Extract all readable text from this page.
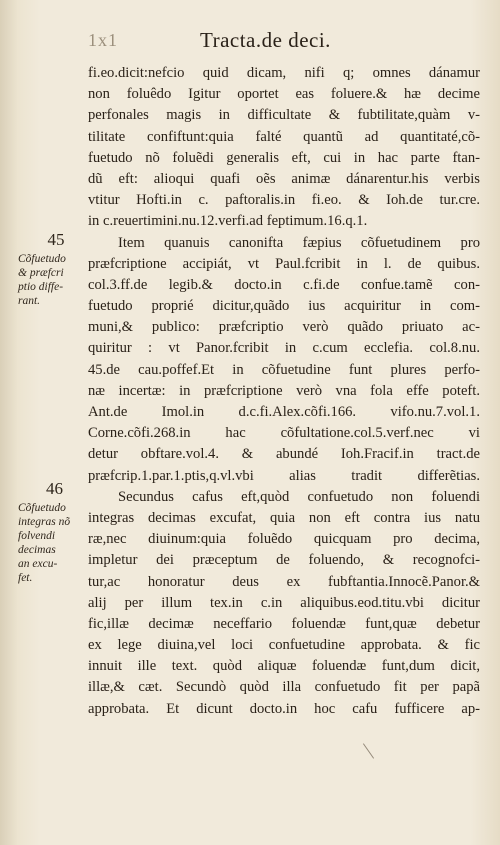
1x1	Tracta.de deci.
45
Cõfuetudo
& præfcri
ptio diffe-
rant.
46
Cõfuetudo
integras nõ
folvendi
decimas
an excu-
fet.
fi.eo.dicit:nefcio quid dicam, nifi q; omnes dánamur
non foluêdo Igitur oportet eas foluere.& hæ decime
perfonales magis in difficultate & fubtilitate,quàm v-
tilitate confiftunt:quia falté quantũ ad quantitaté,cõ-
fuetudo nõ foluẽdi generalis eft, cui in hac parte ftan-
dũ eft: alioqui quafi oẽs animæ dánarentur.his verbis
vtitur Hofti.in c. paftoralis.in fi.eo. & Ioh.de tur.cre.
in c.reuertimini.nu.12.verfi.ad feptimum.16.q.1.
Item quanuis canonifta fæpius cõfuetudinem pro
præfcriptione accipiát, vt Paul.fcribit in l. de quibus.
col.3.ff.de legib.& docto.in c.fi.de confue.tamẽ con-
fuetudo proprié dicitur,quãdo ius acquiritur in com-
muni,& publico: præfcriptio verò quãdo priuato ac-
quiritur : vt Panor.fcribit in c.cum ecclefia. col.8.nu.
45.de cau.poffef.Et in cõfuetudine funt plures perfo-
næ incertæ: in præfcriptione verò vna fola effe poteft.
Ant.de Imol.in d.c.fi.Alex.cõfi.166. vifo.nu.7.vol.1.
Corne.cõfi.268.in hac cõfultatione.col.5.verf.nec vi
detur obftare.vol.4. & abundé Ioh.Fracif.in tract.de
præfcrip.1.par.1.ptis,q.vl.vbi alias tradit differẽtias.
Secundus cafus eft,quòd confuetudo non foluendi
integras decimas excufat, quia non eft contra ius natu
ræ,nec diuinum:quia foluẽdo quicquam pro decima,
impletur dei præceptum de foluendo, & recognofci-
tur,ac honoratur deus ex fubftantia.Innocẽ.Panor.&
alij per illum tex.in c.in aliquibus.eod.titu.vbi dicitur
fic,illæ decimæ neceffario foluendæ funt,quæ debetur
ex lege diuina,vel loci confuetudine approbata. & fic
innuit ille text. quòd aliquæ foluendæ funt,dum dicit,
illæ,& cæt. Secundò quòd illa confuetudo fit per papã
approbata. Et dicunt docto.in hoc cafu fufficere ap-
